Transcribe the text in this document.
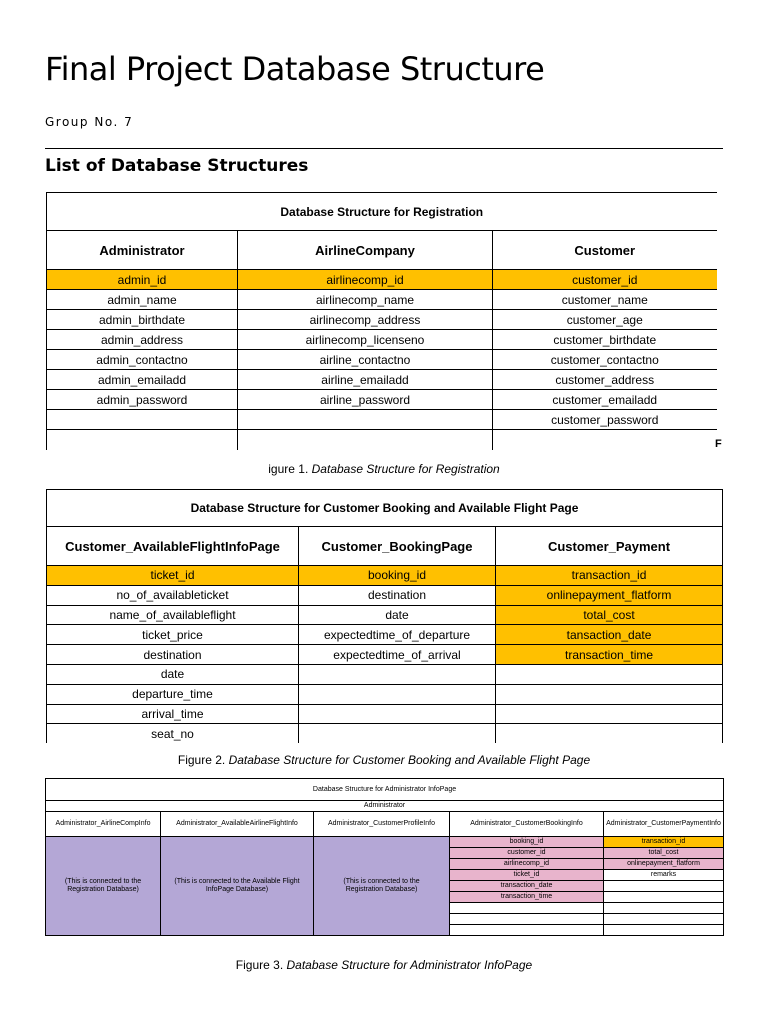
Final Project Database Structure
Group No. 7
List of Database Structures
Database Structure for Registration		
Administrator	AirlineCompany	Customer
admin_id	airlinecomp_id	customer_id
admin_name	airlinecomp_name	customer_name
admin_birthdate	airlinecomp_address	customer_age
admin_address	airlinecomp_licenseno	customer_birthdate
admin_contactno	airline_contactno	customer_contactno
admin_emailadd	airline_emailadd	customer_address
admin_password	airline_password	customer_emailadd
		customer_password

F
igure 1. Database Structure for Registration
Database Structure for Customer Booking and Available Flight Page		
Customer_AvailableFlightInfoPage	Customer_BookingPage	Customer_Payment
ticket_id	booking_id	transaction_id
no_of_availableticket	destination	onlinepayment_flatform
name_of_availableflight	date	total_cost
ticket_price	expectedtime_of_departure	tansaction_date
destination	expectedtime_of_arrival	transaction_time
date		
departure_time		
arrival_time		
seat_no		
Figure 2. Database Structure for Customer Booking and Available Flight Page
Database Structure for Administrator InfoPage				
Administrator				
Administrator_AirlineCompInfo	Administrator_AvailableAirlineFlightInfo	Administrator_CustomerProfileInfo	Administrator_CustomerBookingInfo	Administrator_CustomerPaymentInfo
(This is connected to the Registration Database)	(This is connected to the Available Flight InfoPage Database)	(This is connected to the Registration Database)	booking_id	transaction_id
			customer_id	total_cost
			airlinecomp_id	onlinepayment_flatform
			ticket_id	remarks
			transaction_date	
			transaction_time	

Figure 3. Database Structure for Administrator InfoPage
